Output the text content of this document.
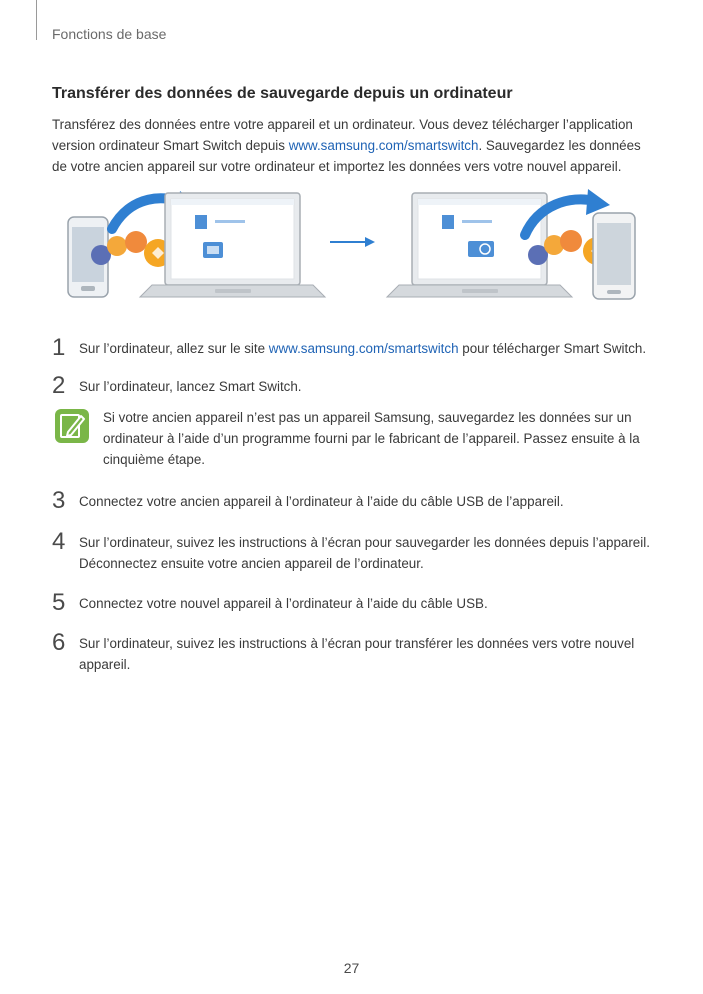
Fonctions de base
Transférer des données de sauvegarde depuis un ordinateur

Transférez des données entre votre appareil et un ordinateur. Vous devez télécharger l’application version ordinateur Smart Switch depuis www.samsung.com/smartswitch. Sauvegardez les données de votre ancien appareil sur votre ordinateur et importez les données vers votre nouvel appareil.

1 Sur l’ordinateur, allez sur le site www.samsung.com/smartswitch pour télécharger Smart Switch.
2 Sur l’ordinateur, lancez Smart Switch.
Si votre ancien appareil n’est pas un appareil Samsung, sauvegardez les données sur un ordinateur à l’aide d’un programme fourni par le fabricant de l’appareil. Passez ensuite à la cinquième étape.
3 Connectez votre ancien appareil à l’ordinateur à l’aide du câble USB de l’appareil.
4 Sur l’ordinateur, suivez les instructions à l’écran pour sauvegarder les données depuis l’appareil. Déconnectez ensuite votre ancien appareil de l’ordinateur.
5 Connectez votre nouvel appareil à l’ordinateur à l’aide du câble USB.
6 Sur l’ordinateur, suivez les instructions à l’écran pour transférer les données vers votre nouvel appareil.
27
